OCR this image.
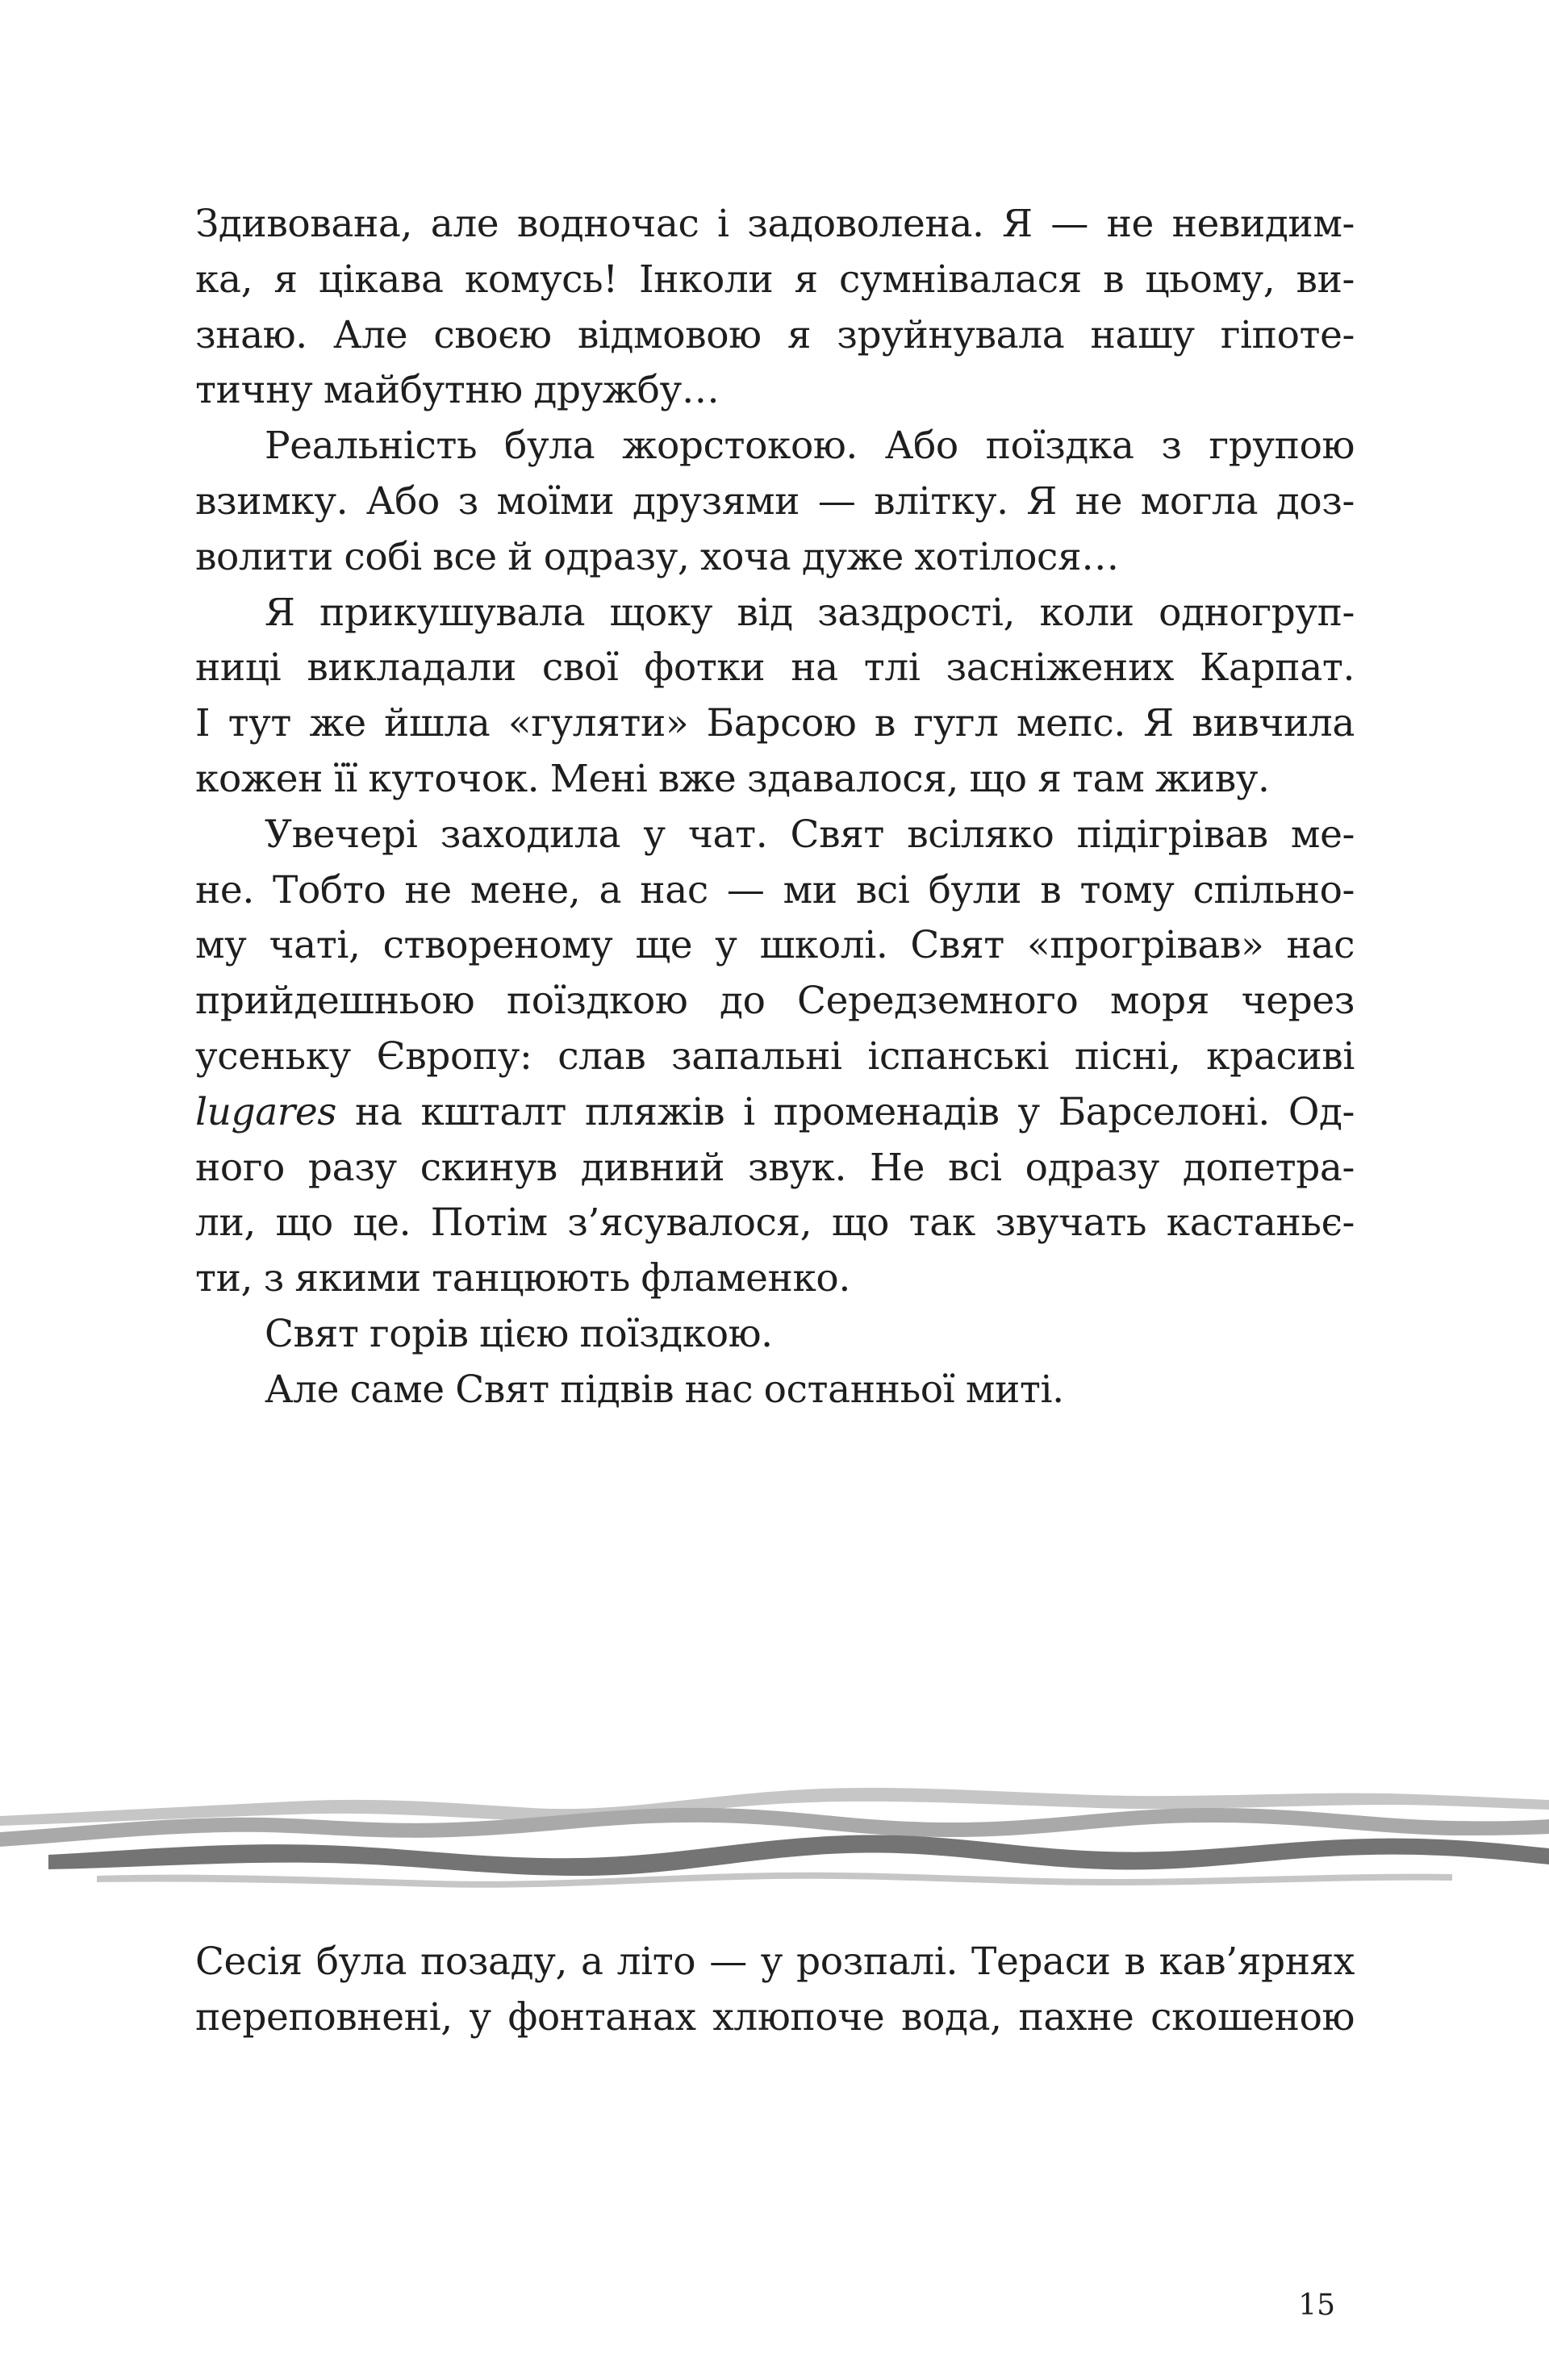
Здивована, але водночас і задоволена. Я — не невидим-
ка, я цікава комусь! Інколи я сумнівалася в цьому, ви-
знаю. Але своєю відмовою я зруйнувала нашу гіпоте-
тичну майбутню дружбу…
Реальність була жорстокою. Або поїздка з групою
взимку. Або з моїми друзями — влітку. Я не могла доз-
волити собі все й одразу, хоча дуже хотілося…
Я прикушувала щоку від заздрості, коли одногруп-
ниці викладали свої фотки на тлі засніжених Карпат.
І тут же йшла «гуляти» Барсою в гугл мепс. Я вивчила
кожен її куточок. Мені вже здавалося, що я там живу.
Увечері заходила у чат. Свят всіляко підігрівав ме-
не. Тобто не мене, а нас — ми всі були в тому спільно-
му чаті, створеному ще у школі. Свят «прогрівав» нас
прийдешньою поїздкою до Середземного моря через
усеньку Європу: слав запальні іспанські пісні, красиві
lugares на кшталт пляжів і променадів у Барселоні. Од-
ного разу скинув дивний звук. Не всі одразу допетра-
ли, що це. Потім з’ясувалося, що так звучать кастаньє-
ти, з якими танцюють фламенко.
Свят горів цією поїздкою.
Але саме Свят підвів нас останньої миті.
Сесія була позаду, а літо — у розпалі. Тераси в кав’ярнях
переповнені, у фонтанах хлюпоче вода, пахне скошеною
15
